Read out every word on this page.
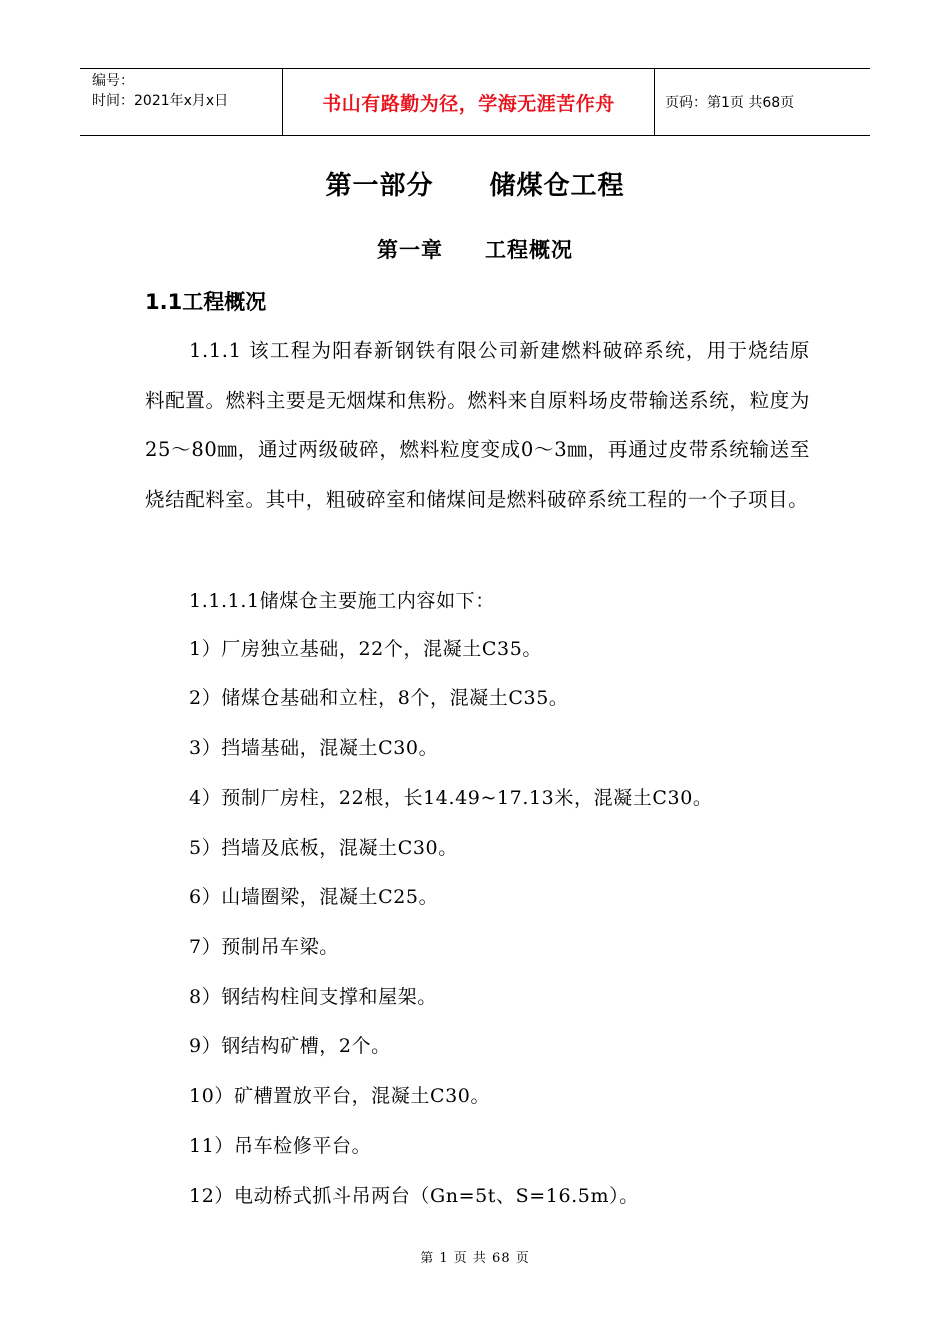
编号：
时间：2021年x月x日	书山有路勤为径，学海无涯苦作舟	页码：第1页 共68页
第一部分 储煤仓工程
第一章 工程概况
1.1工程概况
1.1.1 该工程为阳春新钢铁有限公司新建燃料破碎系统，用于烧结原料配置。燃料主要是无烟煤和焦粉。燃料来自原料场皮带输送系统，粒度为25～80㎜，通过两级破碎，燃料粒度变成0～3㎜，再通过皮带系统输送至烧结配料室。其中，粗破碎室和储煤间是燃料破碎系统工程的一个子项目。
1.1.1.1储煤仓主要施工内容如下：
1）厂房独立基础，22个，混凝土C35。
2）储煤仓基础和立柱，8个，混凝土C35。
3）挡墙基础，混凝土C30。
4）预制厂房柱，22根，长14.49~17.13米，混凝土C30。
5）挡墙及底板，混凝土C30。
6）山墙圈梁，混凝土C25。
7）预制吊车梁。
8）钢结构柱间支撑和屋架。
9）钢结构矿槽，2个。
10）矿槽置放平台，混凝土C30。
11）吊车检修平台。
12）电动桥式抓斗吊两台（Gn=5t、S=16.5m）。
第 1 页 共 68 页
